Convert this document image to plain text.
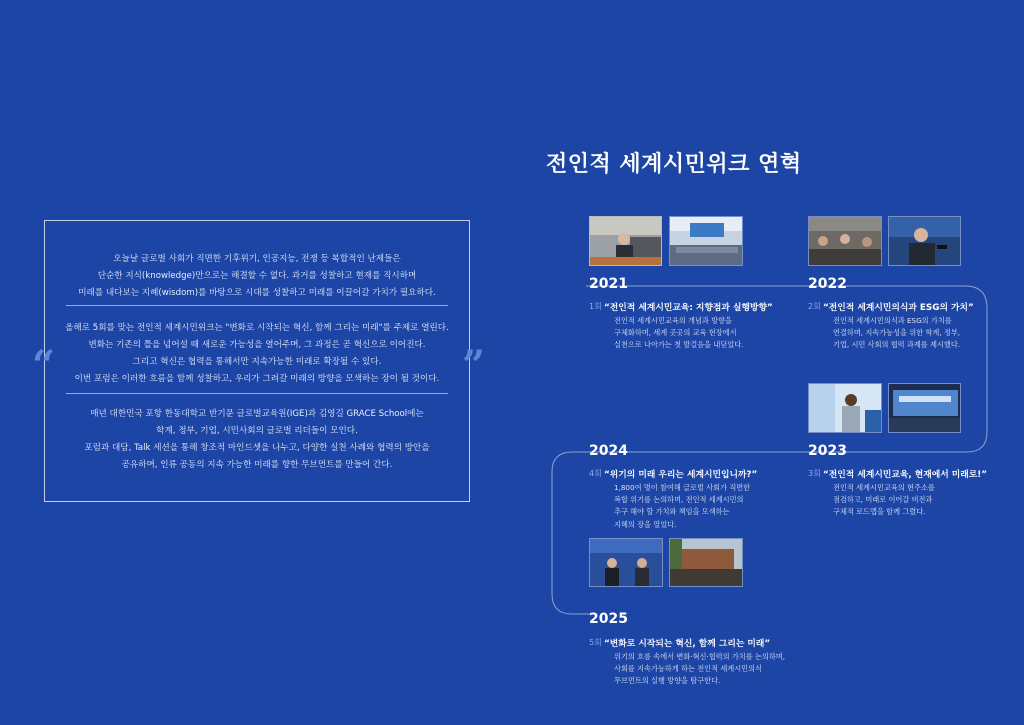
오늘날 글로벌 사회가 직면한 기후위기, 인공지능, 전쟁 등 복합적인 난제들은
단순한 지식(knowledge)만으로는 해결할 수 없다. 과거를 성찰하고 현재를 직시하며
미래를 내다보는 지혜(wisdom)를 바탕으로 시대를 성찰하고 미래를 이끌어갈 가치가 필요하다.

올해로 5회를 맞는 전인적 세계시민위크는 "변화로 시작되는 혁신, 함께 그리는 미래"를 주제로 열린다.
변화는 기존의 틀을 넘어설 때 새로운 가능성을 열어주며, 그 과정은 곧 혁신으로 이어진다.
그리고 혁신은 협력을 통해서만 지속가능한 미래로 확장될 수 있다.
이번 포럼은 이러한 흐름을 함께 성찰하고, 우리가 그려갈 미래의 방향을 모색하는 장이 될 것이다.

매년 대한민국 포항 한동대학교 반기문 글로벌교육원(IGE)과 김영길 GRACE School에는
학계, 정부, 기업, 시민사회의 글로벌 리더들이 모인다.
포럼과 대담, Talk 세션을 통해 창조적 마인드셋을 나누고, 다양한 실천 사례와 협력의 방안을
공유하며, 인류 공동의 지속 가능한 미래를 향한 무브먼트를 만들어 간다.

“	”
전인적 세계시민위크 연혁
2021	2022
2023
2024
2025
1회 “전인적 세계시민교육: 지향점과 실행방향”
전인적 세계시민교육의 개념과 방향을
구체화하며, 세계 곳곳의 교육 현장에서
실천으로 나아가는 첫 발걸음을 내딛었다.
2회 “전인적 세계시민의식과 ESG의 가치”
전인적 세계시민의식과 ESG의 가치를
연결하며, 지속가능성을 위한 학계, 정부,
기업, 시민 사회의 협력 과제를 제시했다.
3회 “전인적 세계시민교육, 현재에서 미래로!”
전인적 세계시민교육의 현주소를
점검하고, 미래로 이어갈 비전과
구체적 로드맵을 함께 그렸다.
4회 “위기의 미래 우리는 세계시민입니까?”
1,800여 명이 참여해 글로벌 사회가 직면한
복합 위기를 논의하며, 전인적 세계시민의
추구 해야 할 가치와 책임을 모색하는
지혜의 장을 열었다.
5회 “변화로 시작되는 혁신, 함께 그리는 미래”
위기의 흐름 속에서 변화·혁신·협력의 가치를 논의하며,
사회를 지속가능하게 하는 전인적 세계시민의식
무브먼트의 실행 방향을 탐구한다.
